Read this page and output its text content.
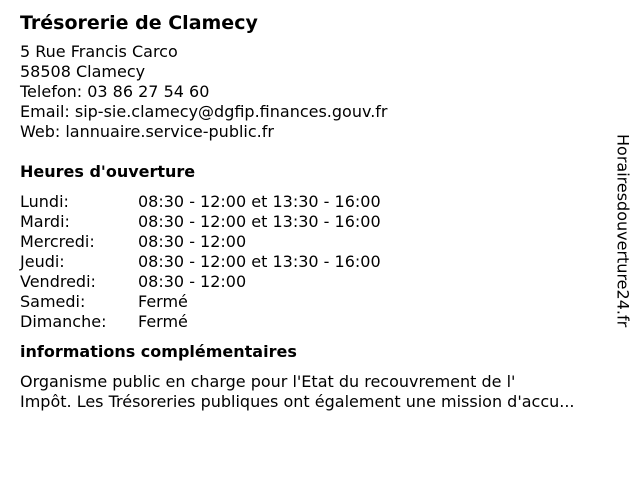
Trésorerie de Clamecy
5 Rue Francis Carco
58508 Clamecy
Telefon: 03 86 27 54 60
Email: sip-sie.clamecy@dgfip.finances.gouv.fr
Web: lannuaire.service-public.fr
Heures d'ouverture
Lundi:	08:30 - 12:00 et 13:30 - 16:00
Mardi:	08:30 - 12:00 et 13:30 - 16:00
Mercredi:	08:30 - 12:00
Jeudi:	08:30 - 12:00 et 13:30 - 16:00
Vendredi:	08:30 - 12:00
Samedi:	Fermé
Dimanche:	Fermé
informations complémentaires
Organisme public en charge pour l'Etat du recouvrement de l'
Impôt. Les Trésoreries publiques ont également une mission d'accu...
Horairesdouverture24.fr
